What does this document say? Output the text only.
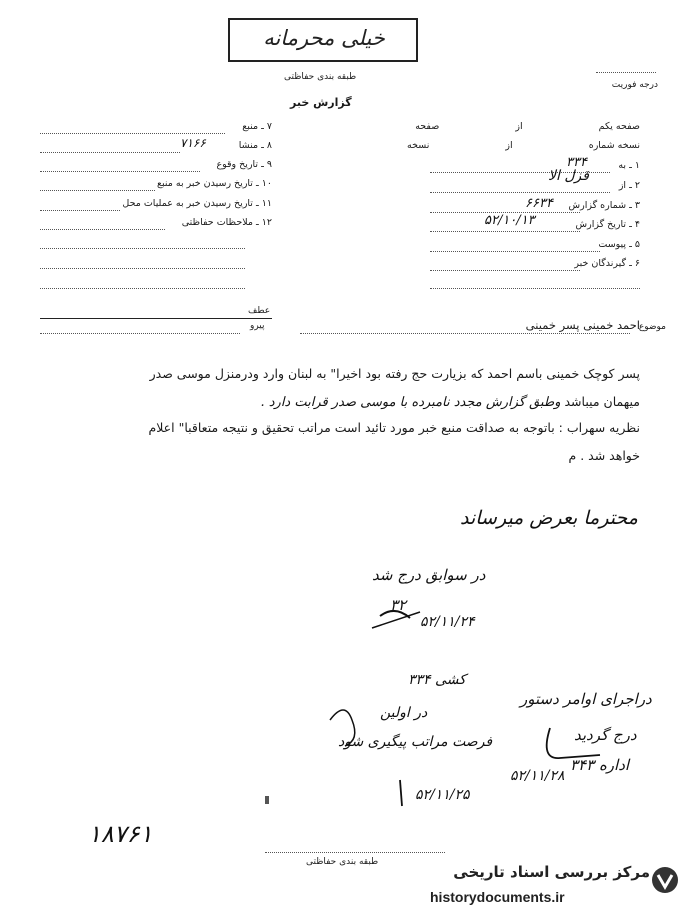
خیلی محرمانه
طبقه بندی حفاظتی
درجه فوریت
گزارش خبر
صفحه یکم  از  صفحه
نسخه شماره  از  نسخه
۱ ـ به
۳۳۴
۲ ـ از
قزل الا
۳ ـ شماره گزارش
۶۶۳۴
۴ ـ تاریخ گزارش
۵۲/۱۰/۱۳
۵ ـ پیوست
۶ ـ گیرندگان خبر
۷ ـ منبع
۸ ـ منشا
۷۱۶۶
۹ ـ تاریخ وقوع
۱۰ ـ تاریخ رسیدن خبر به منبع
۱۱ ـ تاریخ رسیدن خبر به عملیات محل
۱۲ ـ ملاحظات حفاظتی
عطف
پیرو	موضوع
احمد خمینی پسر خمینی
پسر کوچک خمینی باسم احمد که بزیارت حج رفته بود اخیرا" به لبنان وارد ودرمنزل موسی صدر
میهمان میباشد وطبق گزارش مجدد نامبرده با موسی صدر قرابت دارد .
نظریه سهراب : باتوجه به صداقت منبع خبر مورد تائید است مراتب تحقیق و نتیجه متعاقبا" اعلام
خواهد شد . م
محترما بعرض میرساند
در سوابق درج شد
۳۲
۵۲/۱۱/۲۴
کشی ۳۳۴
در اولین
فرصت مراتب پیگیری شود
۵۲/۱۱/۲۵
دراجرای اوامر دستور
درج گردید
اداره ۳۴۳
۵۲/۱۱/۲۸
۱۸۷۶۱
طبقه بندی حفاظتی
مرکز بررسی اسناد تاریخی
historydocuments.ir
